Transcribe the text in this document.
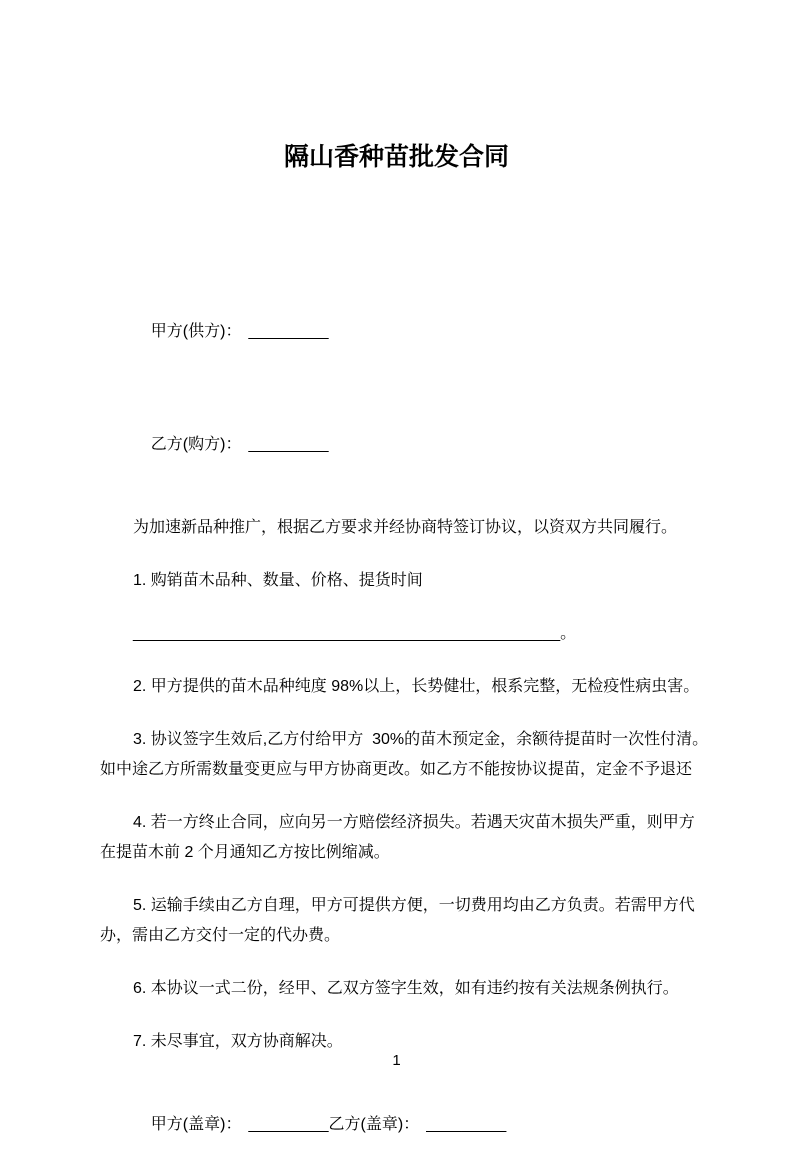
隔山香种苗批发合同

甲方(供方)： _________

乙方(购方)： _________

为加速新品种推广，根据乙方要求并经协商特签订协议，以资双方共同履行。
1. 购销苗木品种、数量、价格、提货时间
________________________________________________。
2. 甲方提供的苗木品种纯度 98%以上，长势健壮，根系完整，无检疫性病虫害。
3. 协议签字生效后,乙方付给甲方  30%的苗木预定金，余额待提苗时一次性付清。
如中途乙方所需数量变更应与甲方协商更改。如乙方不能按协议提苗，定金不予退还
4. 若一方终止合同，应向另一方赔偿经济损失。若遇天灾苗木损失严重，则甲方
在提苗木前 2 个月通知乙方按比例缩减。
5. 运输手续由乙方自理，甲方可提供方便，一切费用均由乙方负责。若需甲方代
办，需由乙方交付一定的代办费。
6. 本协议一式二份，经甲、乙双方签字生效，如有违约按有关法规条例执行。
7. 未尽事宜，双方协商解决。

甲方(盖章)： _________乙方(盖章)： _________

1
